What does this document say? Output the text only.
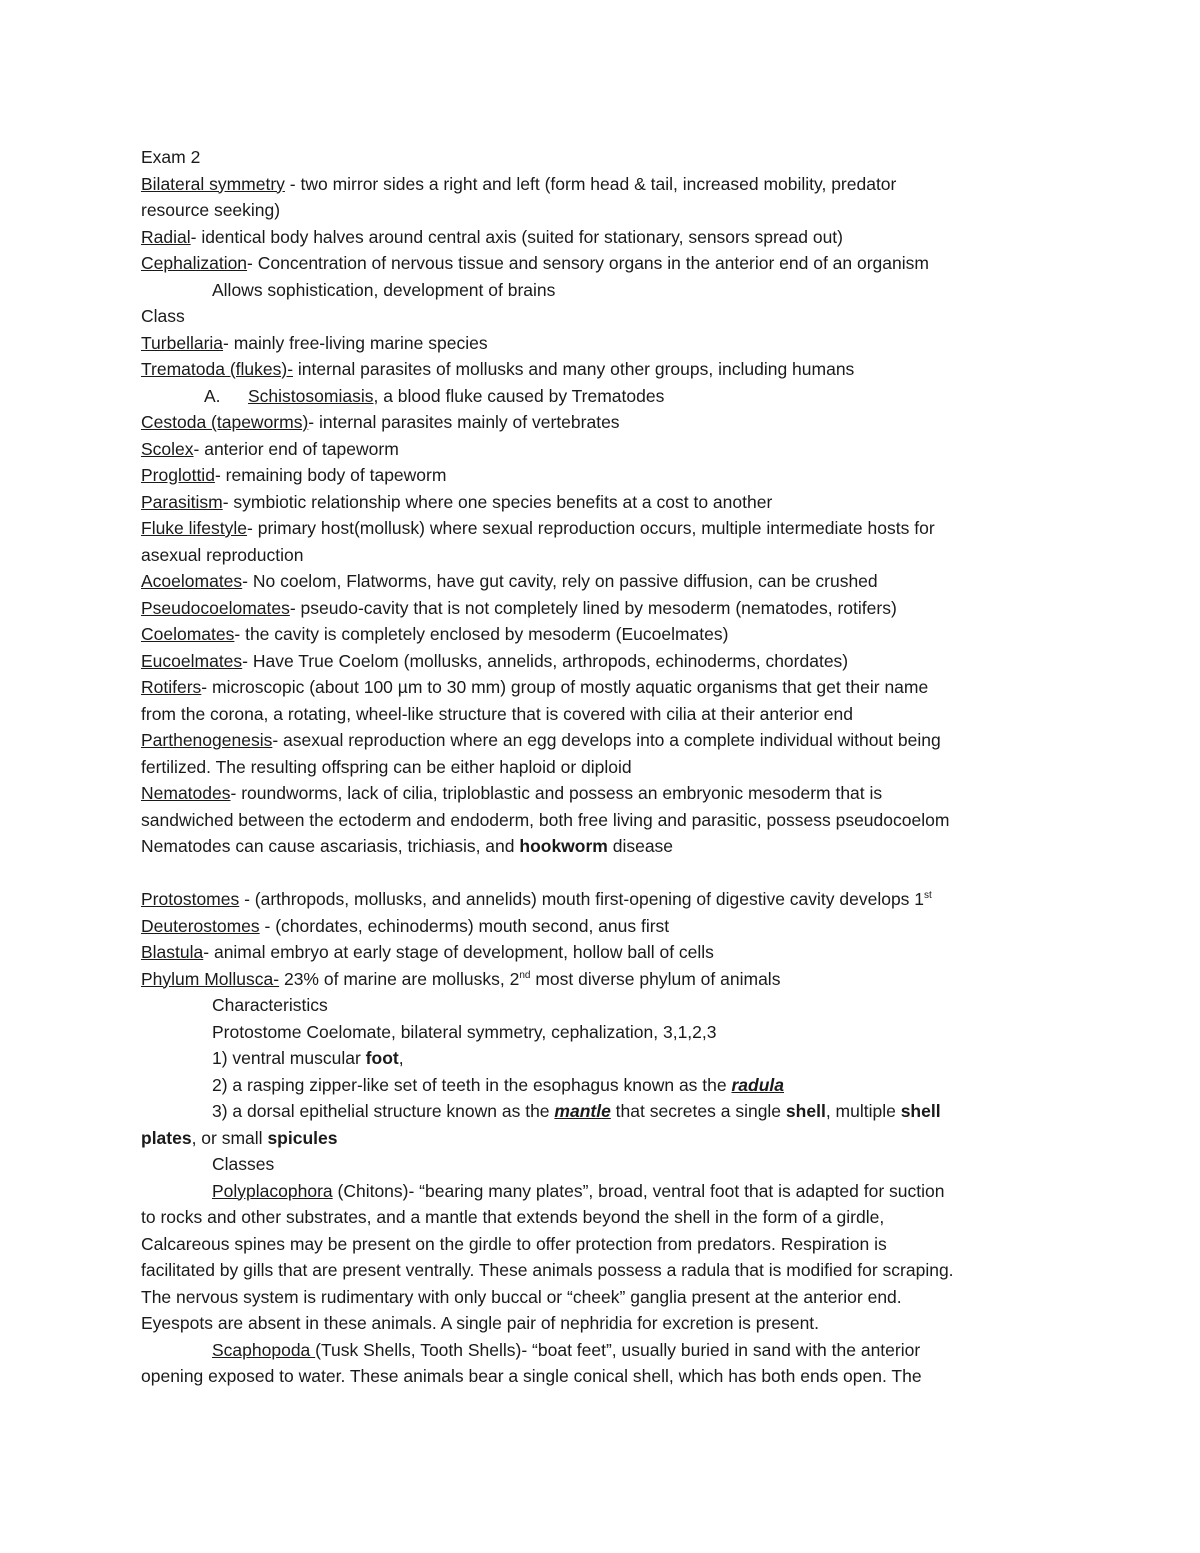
Exam 2
Bilateral symmetry - two mirror sides a right and left (form head & tail, increased mobility, predator
resource seeking)
Radial- identical body halves around central axis (suited for stationary, sensors spread out)
Cephalization- Concentration of nervous tissue and sensory organs in the anterior end of an organism
Allows sophistication, development of brains
Class
Turbellaria- mainly free-living marine species
Trematoda (flukes)- internal parasites of mollusks and many other groups, including humans
A. Schistosomiasis, a blood fluke caused by Trematodes
Cestoda (tapeworms)- internal parasites mainly of vertebrates
Scolex- anterior end of tapeworm
Proglottid- remaining body of tapeworm
Parasitism- symbiotic relationship where one species benefits at a cost to another
Fluke lifestyle- primary host(mollusk) where sexual reproduction occurs, multiple intermediate hosts for
asexual reproduction
Acoelomates- No coelom, Flatworms, have gut cavity, rely on passive diffusion, can be crushed
Pseudocoelomates- pseudo-cavity that is not completely lined by mesoderm (nematodes, rotifers)
Coelomates- the cavity is completely enclosed by mesoderm (Eucoelmates)
Eucoelmates- Have True Coelom (mollusks, annelids, arthropods, echinoderms, chordates)
Rotifers- microscopic (about 100 µm to 30 mm) group of mostly aquatic organisms that get their name
from the corona, a rotating, wheel-like structure that is covered with cilia at their anterior end
Parthenogenesis- asexual reproduction where an egg develops into a complete individual without being
fertilized. The resulting offspring can be either haploid or diploid
Nematodes- roundworms, lack of cilia, triploblastic and possess an embryonic mesoderm that is
sandwiched between the ectoderm and endoderm, both free living and parasitic, possess pseudocoelom
Nematodes can cause ascariasis, trichiasis, and hookworm disease
Protostomes - (arthropods, mollusks, and annelids) mouth first-opening of digestive cavity develops 1st
Deuterostomes - (chordates, echinoderms) mouth second, anus first
Blastula- animal embryo at early stage of development, hollow ball of cells
Phylum Mollusca- 23% of marine are mollusks, 2nd most diverse phylum of animals
Characteristics
Protostome Coelomate, bilateral symmetry, cephalization, 3,1,2,3
1) ventral muscular foot,
2) a rasping zipper-like set of teeth in the esophagus known as the radula
3) a dorsal epithelial structure known as the mantle that secretes a single shell, multiple shell
plates, or small spicules
Classes
Polyplacophora (Chitons)- “bearing many plates”, broad, ventral foot that is adapted for suction
to rocks and other substrates, and a mantle that extends beyond the shell in the form of a girdle,
Calcareous spines may be present on the girdle to offer protection from predators. Respiration is
facilitated by gills that are present ventrally. These animals possess a radula that is modified for scraping.
The nervous system is rudimentary with only buccal or “cheek” ganglia present at the anterior end.
Eyespots are absent in these animals. A single pair of nephridia for excretion is present.
Scaphopoda (Tusk Shells, Tooth Shells)- “boat feet”, usually buried in sand with the anterior
opening exposed to water. These animals bear a single conical shell, which has both ends open. The
